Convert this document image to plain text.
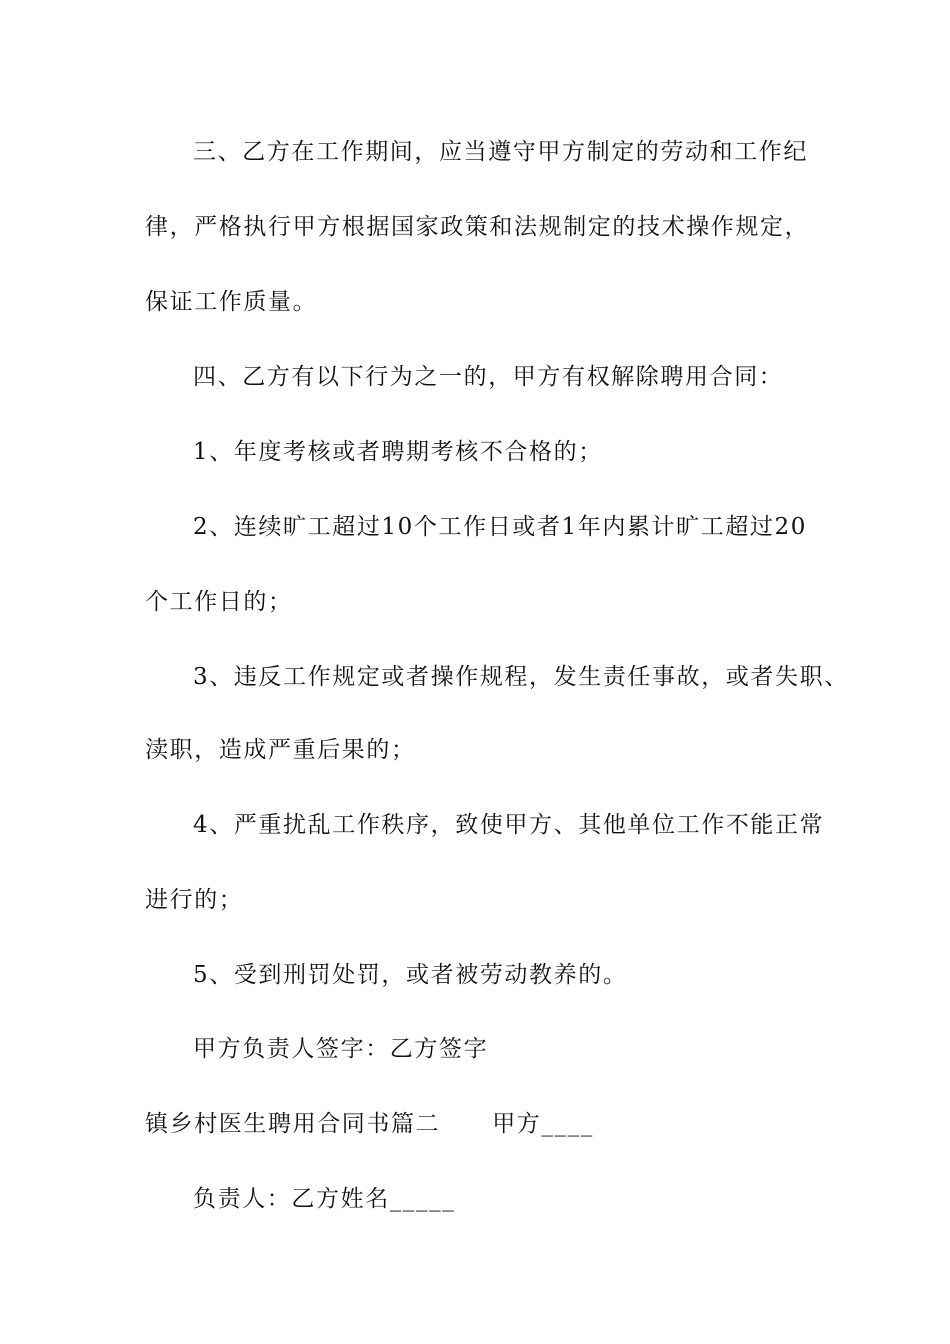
三、乙方在工作期间，应当遵守甲方制定的劳动和工作纪
律，严格执行甲方根据国家政策和法规制定的技术操作规定，
保证工作质量。
四、乙方有以下行为之一的，甲方有权解除聘用合同：
1、年度考核或者聘期考核不合格的；
2、连续旷工超过10个工作日或者1年内累计旷工超过20
个工作日的；
3、违反工作规定或者操作规程，发生责任事故，或者失职、
渎职，造成严重后果的；
4、严重扰乱工作秩序，致使甲方、其他单位工作不能正常
进行的；
5、受到刑罚处罚，或者被劳动教养的。
甲方负责人签字：乙方签字
镇乡村医生聘用合同书篇二 甲方____
负责人：乙方姓名_____
